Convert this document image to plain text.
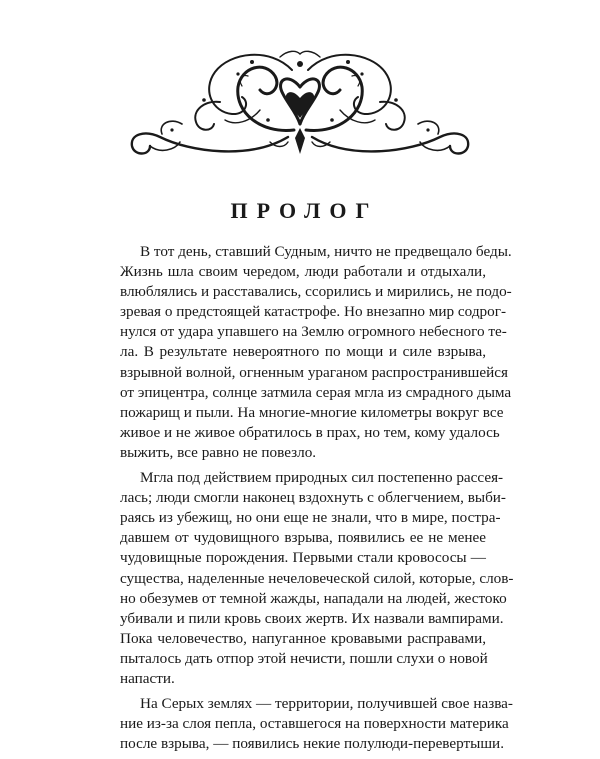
ПРОЛОГ
В тот день, ставший Судным, ничто не предвещало беды.
Жизнь шла своим чередом, люди работали и отдыхали,
влюблялись и расставались, ссорились и мирились, не подо-
зревая о предстоящей катастрофе. Но внезапно мир содрог-
нулся от удара упавшего на Землю огромного небесного те-
ла. В результате невероятного по мощи и силе взрыва,
взрывной волной, огненным ураганом распространившейся
от эпицентра, солнце затмила серая мгла из смрадного дыма
пожарищ и пыли. На многие-многие километры вокруг все
живое и не живое обратилось в прах, но тем, кому удалось
выжить, все равно не повезло.
Мгла под действием природных сил постепенно рассея-
лась; люди смогли наконец вздохнуть с облегчением, выби-
раясь из убежищ, но они еще не знали, что в мире, постра-
давшем от чудовищного взрыва, появились ее не менее
чудовищные порождения. Первыми стали кровососы —
существа, наделенные нечеловеческой силой, которые, слов-
но обезумев от темной жажды, нападали на людей, жестоко
убивали и пили кровь своих жертв. Их назвали вампирами.
Пока человечество, напуганное кровавыми расправами,
пыталось дать отпор этой нечисти, пошли слухи о новой
напасти.
На Серых землях — территории, получившей свое назва-
ние из-за слоя пепла, оставшегося на поверхности материка
после взрыва, — появились некие полулюди-перевертыши.
